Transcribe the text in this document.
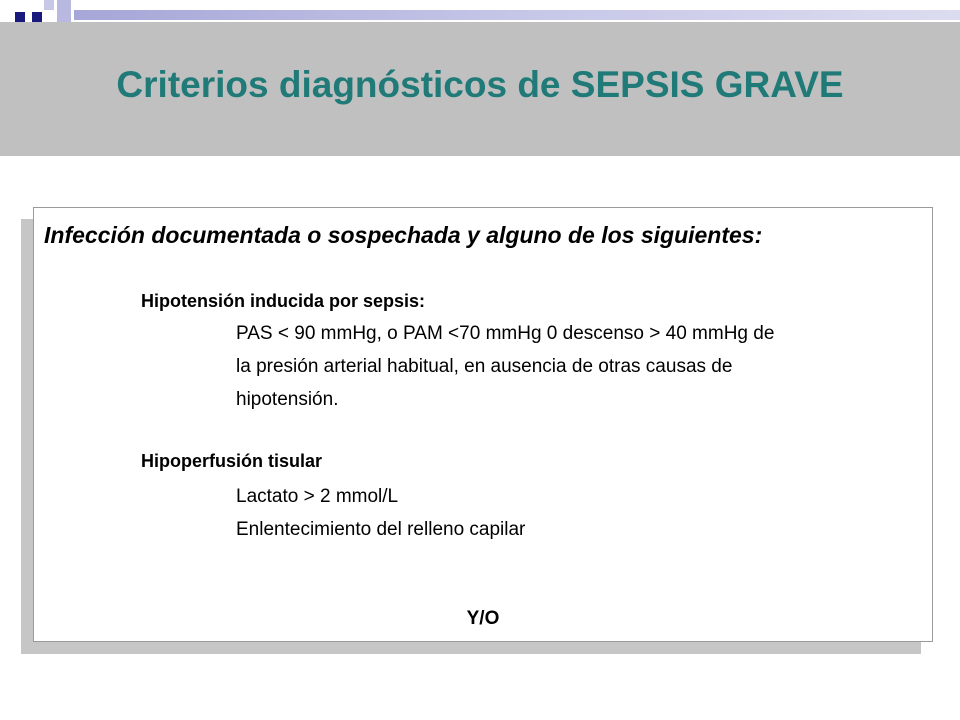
Criterios diagnósticos de SEPSIS GRAVE
Infección documentada o sospechada y alguno de los siguientes:
Hipotensión inducida por sepsis:
PAS < 90 mmHg, o PAM <70 mmHg 0 descenso > 40 mmHg de
la presión arterial habitual, en ausencia de otras causas de
hipotensión.
Hipoperfusión tisular
Lactato > 2 mmol/L
Enlentecimiento del relleno capilar
Y/O
